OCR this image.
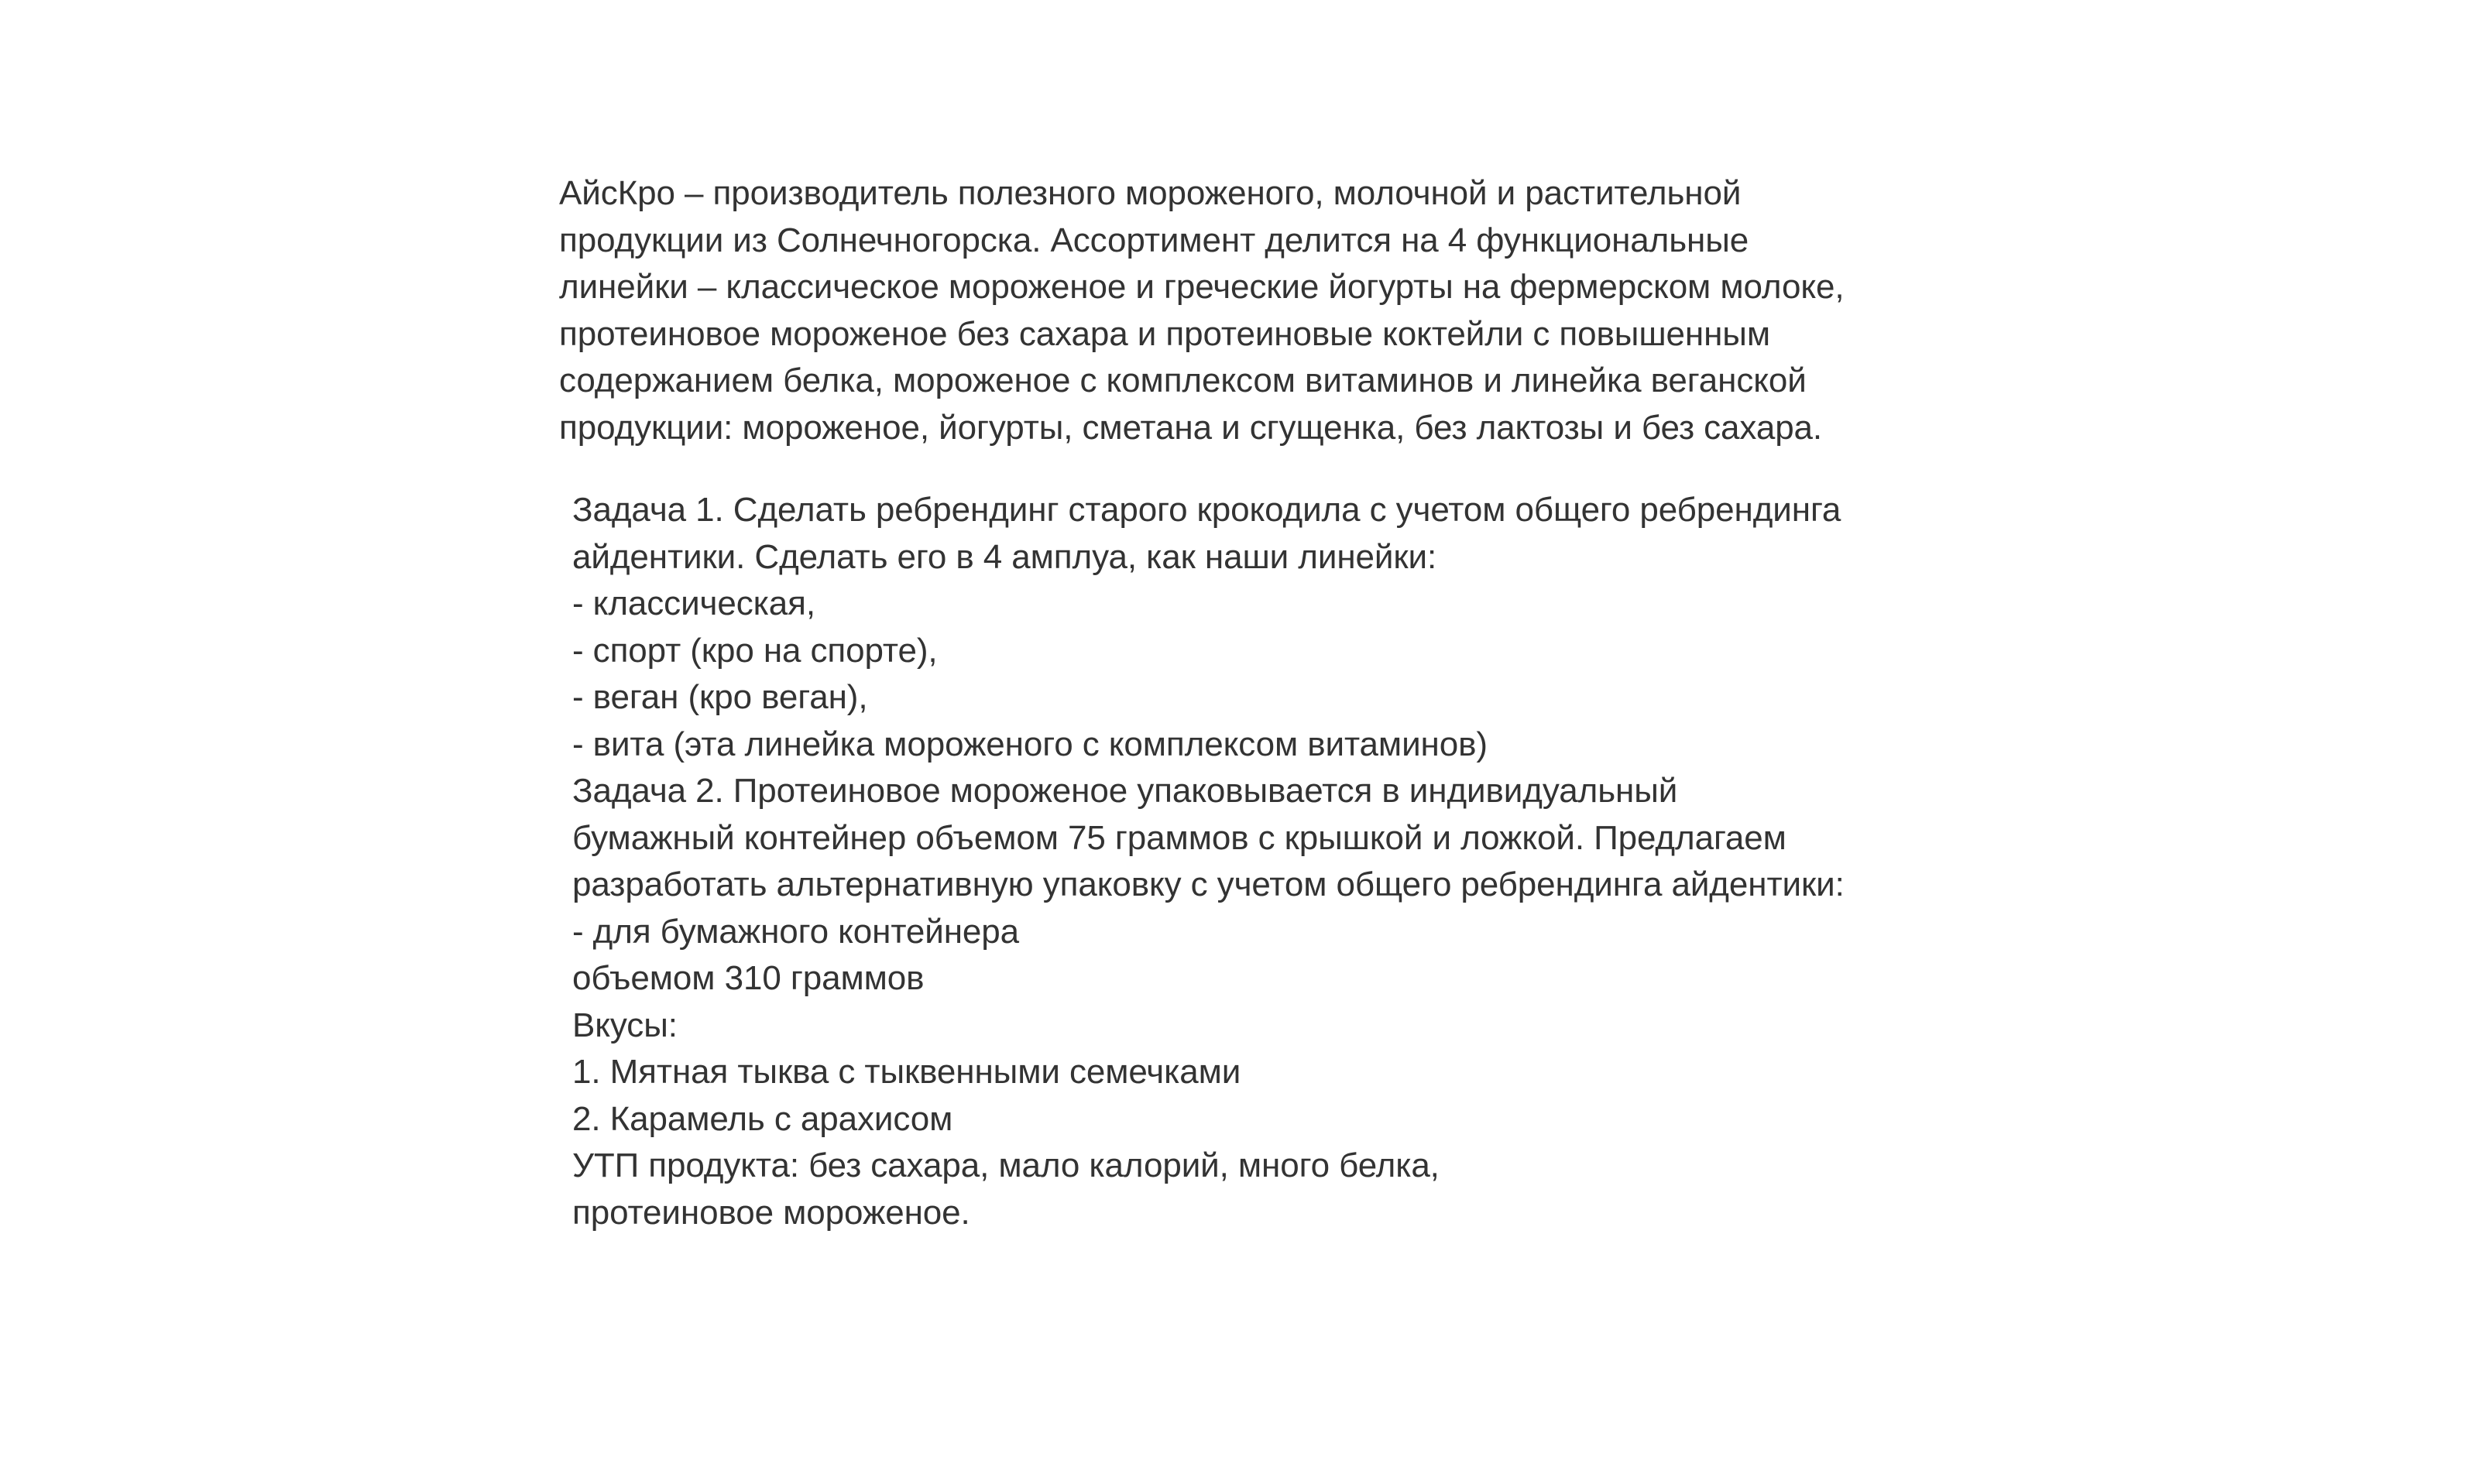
АйсКро – производитель полезного мороженого, молочной и растительной
продукции из Солнечногорска. Ассортимент делится на 4 функциональные
линейки – классическое мороженое и греческие йогурты на фермерском молоке,
протеиновое мороженое без сахара и протеиновые коктейли с повышенным
содержанием белка, мороженое с комплексом витаминов и линейка веганской
продукции: мороженое, йогурты, сметана и сгущенка, без лактозы и без сахара.
Задача 1. Сделать ребрендинг старого крокодила с учетом общего ребрендинга
айдентики. Сделать его в 4 амплуа, как наши линейки:
- классическая,
- спорт (кро на спорте),
- веган (кро веган),
- вита (эта линейка мороженого с комплексом витаминов)
Задача 2. Протеиновое мороженое упаковывается в индивидуальный
бумажный контейнер объемом 75 граммов с крышкой и ложкой. Предлагаем
разработать альтернативную упаковку с учетом общего ребрендинга айдентики:
- для бумажного контейнера
объемом 310 граммов
Вкусы:
1. Мятная тыква с тыквенными семечками
2. Карамель с арахисом
УТП продукта: без сахара, мало калорий, много белка,
протеиновое мороженое.
